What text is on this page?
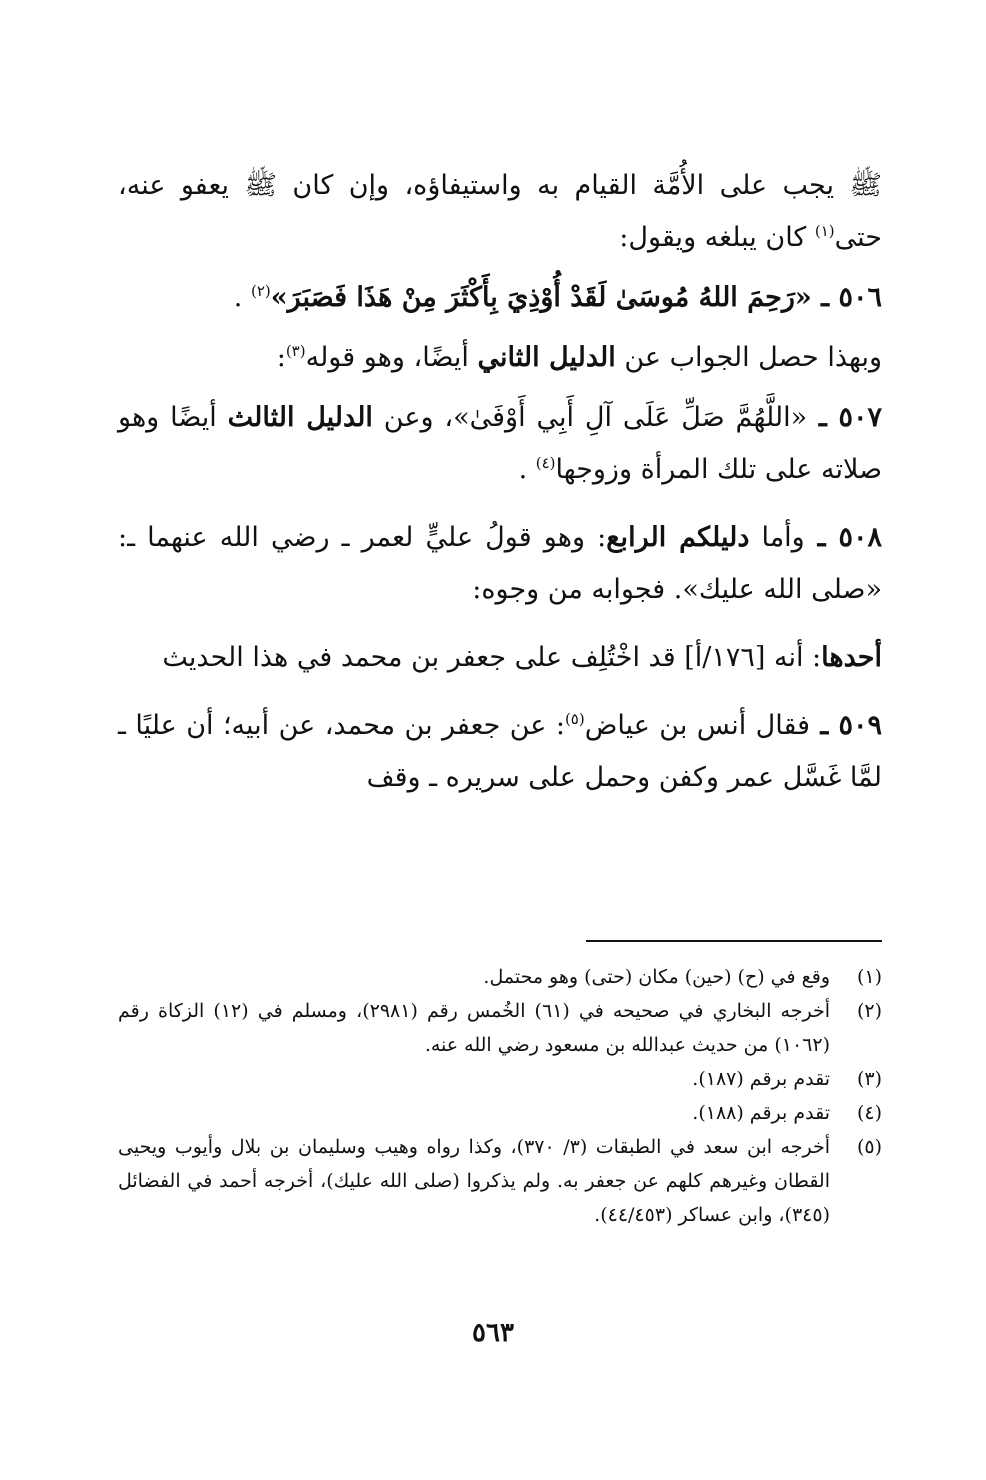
ﷺ يجب على الأُمَّة القيام به واستيفاؤه، وإن كان ﷺ يعفو عنه، حتى$^{(١)}$ كان يبلغه ويقول:

٥٠٦ ـ «رَحِمَ اللهُ مُوسَىٰ لَقَدْ أُوْذِيَ بِأَكْثَرَ مِنْ هَذَا فَصَبَرَ»$^{(٢)}$ .

وبهذا حصل الجواب عن الدليل الثاني أيضًا، وهو قوله$^{(٣)}$:

٥٠٧ ـ «اللَّهُمَّ صَلِّ عَلَى آلِ أَبِي أَوْفَىٰ»، وعن الدليل الثالث أيضًا وهو صلاته على تلك المرأة وزوجها$^{(٤)}$ .

٥٠٨ ـ وأما دليلكم الرابع: وهو قولُ عليٍّ لعمر ـ رضي الله عنهما ـ: «صلى الله عليك». فجوابه من وجوه:

أحدها: أنه [١٧٦/أ] قد اخْتُلِف على جعفر بن محمد في هذا الحديث

٥٠٩ ـ فقال أنس بن عياض$^{(٥)}$: عن جعفر بن محمد، عن أبيه؛ أن عليًا ـ لمَّا غَسَّل عمر وكفن وحمل على سريره ـ وقف

(١)
وقع في (ح) (حين) مكان (حتى) وهو محتمل.
(٢)
أخرجه البخاري في صحيحه في (٦١) الخُمس رقم (٢٩٨١)، ومسلم في (١٢) الزكاة رقم (١٠٦٢) من حديث عبدالله بن مسعود رضي الله عنه.
(٣)
تقدم برقم (١٨٧).
(٤)
تقدم برقم (١٨٨).
(٥)
أخرجه ابن سعد في الطبقات (٣/ ٣٧٠)، وكذا رواه وهيب وسليمان بن بلال وأيوب ويحيى القطان وغيرهم كلهم عن جعفر به. ولم يذكروا (صلى الله عليك)، أخرجه أحمد في الفضائل (٣٤٥)، وابن عساكر (٤٤/٤٥٣).
٥٦٣
